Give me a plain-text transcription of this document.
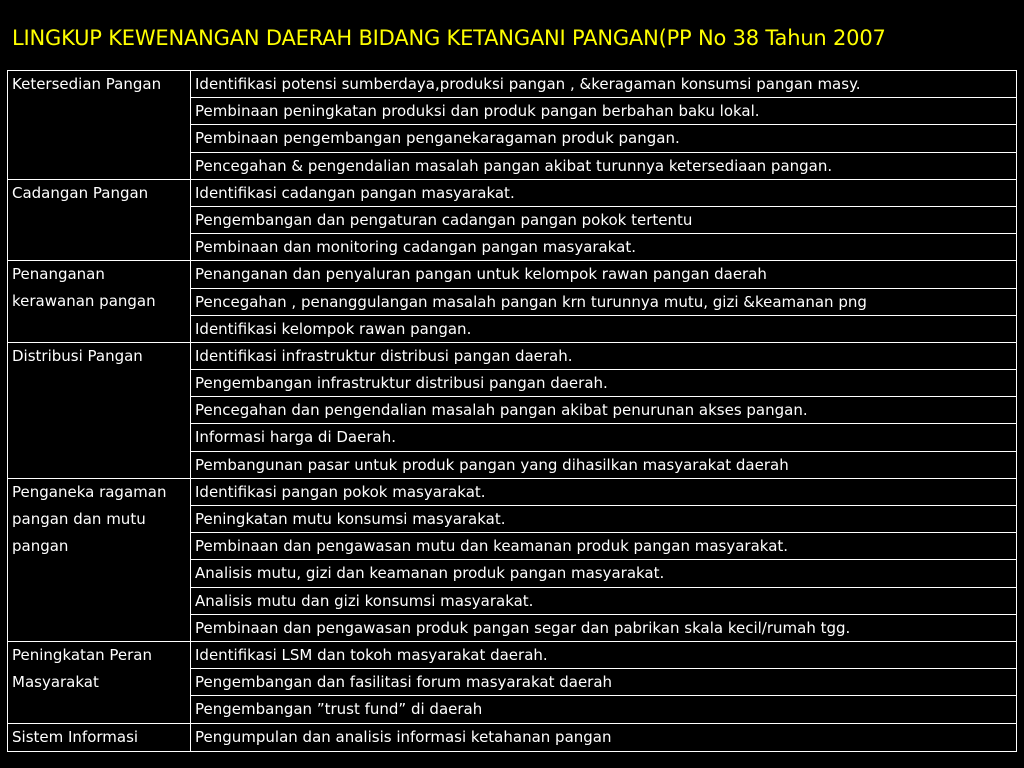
LINGKUP KEWENANGAN DAERAH BIDANG KETANGANI PANGAN(PP No 38 Tahun 2007
Ketersedian Pangan	Identifikasi potensi sumberdaya,produksi pangan , &keragaman konsumsi pangan masy.
	Pembinaan peningkatan produksi dan produk pangan berbahan baku lokal.
	Pembinaan pengembangan penganekaragaman produk pangan.
	Pencegahan & pengendalian masalah pangan akibat turunnya ketersediaan pangan.
Cadangan Pangan	Identifikasi cadangan pangan masyarakat.
	Pengembangan dan pengaturan cadangan pangan pokok tertentu
	Pembinaan dan monitoring cadangan pangan masyarakat.
Penanganan kerawanan pangan	Penanganan dan penyaluran pangan untuk kelompok rawan pangan daerah
	Pencegahan , penanggulangan masalah pangan krn turunnya mutu, gizi &keamanan png
	Identifikasi kelompok rawan pangan.
Distribusi Pangan	Identifikasi infrastruktur distribusi pangan daerah.
	Pengembangan infrastruktur distribusi pangan daerah.
	Pencegahan dan pengendalian masalah pangan akibat penurunan akses pangan.
	Informasi harga di Daerah.
	Pembangunan pasar untuk produk pangan yang dihasilkan masyarakat daerah
Penganeka ragaman pangan dan mutu pangan	Identifikasi pangan pokok masyarakat.
	Peningkatan mutu konsumsi masyarakat.
	Pembinaan dan pengawasan mutu dan keamanan produk pangan masyarakat.
	Analisis mutu, gizi dan keamanan produk pangan masyarakat.
	Analisis mutu dan gizi konsumsi masyarakat.
	Pembinaan dan pengawasan produk pangan segar dan pabrikan skala kecil/rumah tgg.
Peningkatan Peran Masyarakat	Identifikasi LSM dan tokoh masyarakat daerah.
	Pengembangan dan fasilitasi forum masyarakat daerah
	Pengembangan ”trust fund” di daerah
Sistem Informasi	Pengumpulan dan analisis informasi ketahanan pangan
